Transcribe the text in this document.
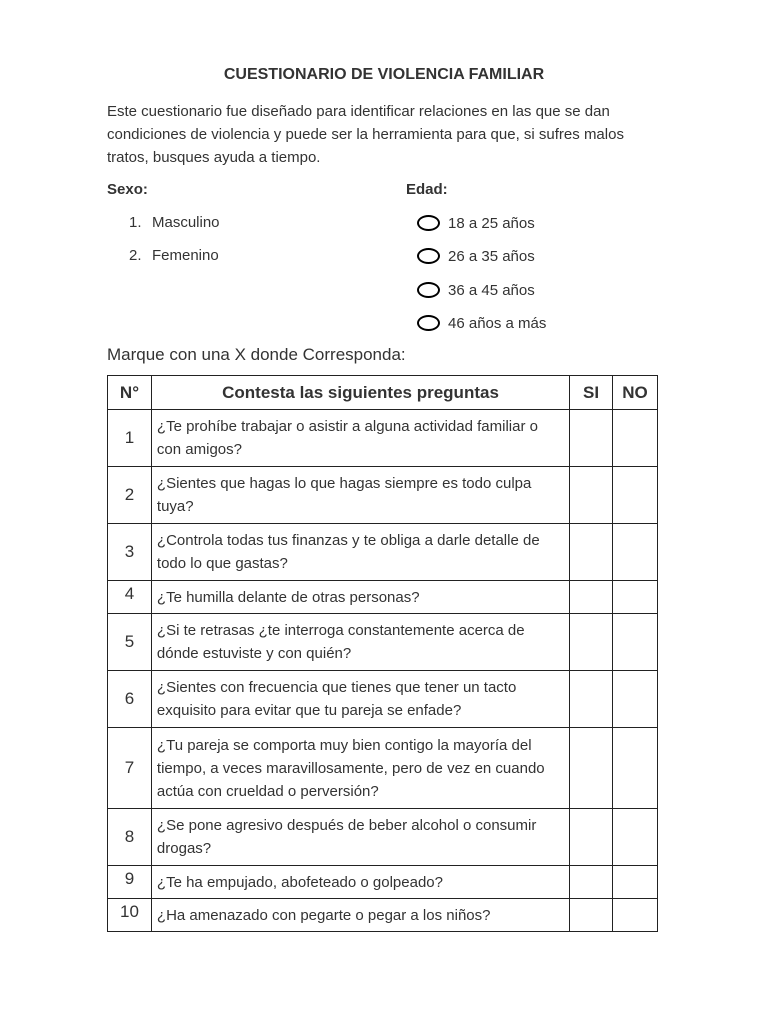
CUESTIONARIO DE VIOLENCIA FAMILIAR
Este cuestionario fue diseñado para identificar relaciones en las que se dan condiciones de violencia y puede ser la herramienta para que, si sufres malos tratos, busques ayuda a tiempo.
Sexo:
1. Masculino
2. Femenino
Edad:
18 a 25 años
26 a 35 años
36 a 45 años
46 años a más
Marque con una X donde Corresponda:
N°	Contesta las siguientes preguntas	SI	NO
1	¿Te prohíbe trabajar o asistir a alguna actividad familiar o con amigos?		
2	¿Sientes que hagas lo que hagas siempre es todo culpa tuya?		
3	¿Controla todas tus finanzas y te obliga a darle detalle de todo lo que gastas?		
4	¿Te humilla delante de otras personas?		
5	¿Si te retrasas ¿te interroga constantemente acerca de dónde estuviste y con quién?		
6	¿Sientes con frecuencia que tienes que tener un tacto exquisito para evitar que tu pareja se enfade?		
7	¿Tu pareja se comporta muy bien contigo la mayoría del tiempo, a veces maravillosamente, pero de vez en cuando actúa con crueldad o perversión?		
8	¿Se pone agresivo después de beber alcohol o consumir drogas?		
9	¿Te ha empujado, abofeteado o golpeado?		
10	¿Ha amenazado con pegarte o pegar a los niños?		
